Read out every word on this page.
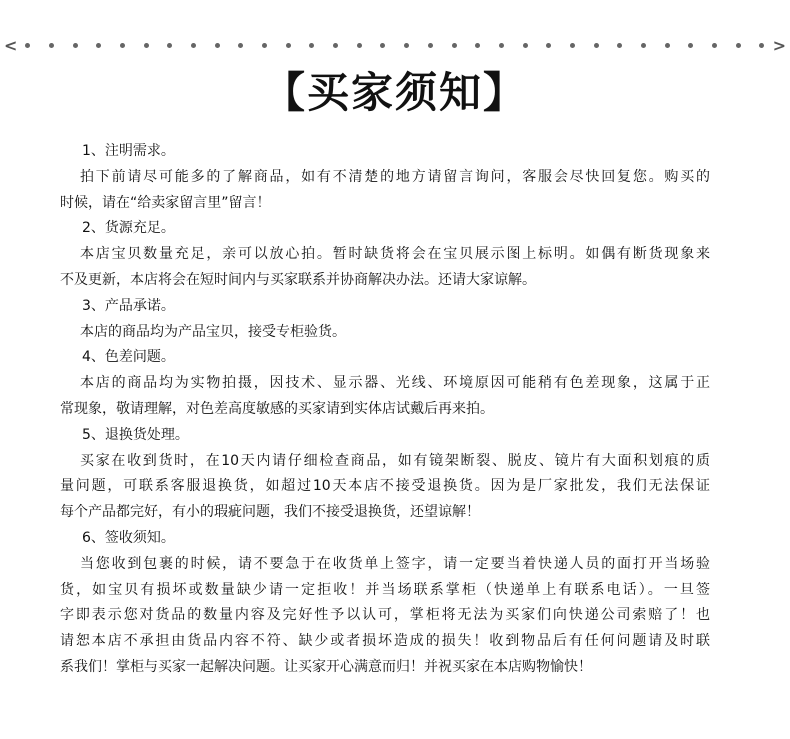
<	>
【买家须知】
1、注明需求。
拍下前请尽可能多的了解商品，如有不清楚的地方请留言询问，客服会尽快回复您。购买的
时候，请在“给卖家留言里”留言！
2、货源充足。
本店宝贝数量充足，亲可以放心拍。暂时缺货将会在宝贝展示图上标明。如偶有断货现象来
不及更新，本店将会在短时间内与买家联系并协商解决办法。还请大家谅解。
3、产品承诺。
本店的商品均为产品宝贝，接受专柜验货。
4、色差问题。
本店的商品均为实物拍摄，因技术、显示器、光线、环境原因可能稍有色差现象，这属于正
常现象，敬请理解，对色差高度敏感的买家请到实体店试戴后再来拍。
5、退换货处理。
买家在收到货时，在10天内请仔细检查商品，如有镜架断裂、脱皮、镜片有大面积划痕的质
量问题，可联系客服退换货，如超过10天本店不接受退换货。因为是厂家批发，我们无法保证
每个产品都完好，有小的瑕疵问题，我们不接受退换货，还望谅解！
6、签收须知。
当您收到包裹的时候，请不要急于在收货单上签字，请一定要当着快递人员的面打开当场验
货，如宝贝有损坏或数量缺少请一定拒收！并当场联系掌柜（快递单上有联系电话）。一旦签
字即表示您对货品的数量内容及完好性予以认可，掌柜将无法为买家们向快递公司索赔了！也
请恕本店不承担由货品内容不符、缺少或者损坏造成的损失！收到物品后有任何问题请及时联
系我们！掌柜与买家一起解决问题。让买家开心满意而归！并祝买家在本店购物愉快！
